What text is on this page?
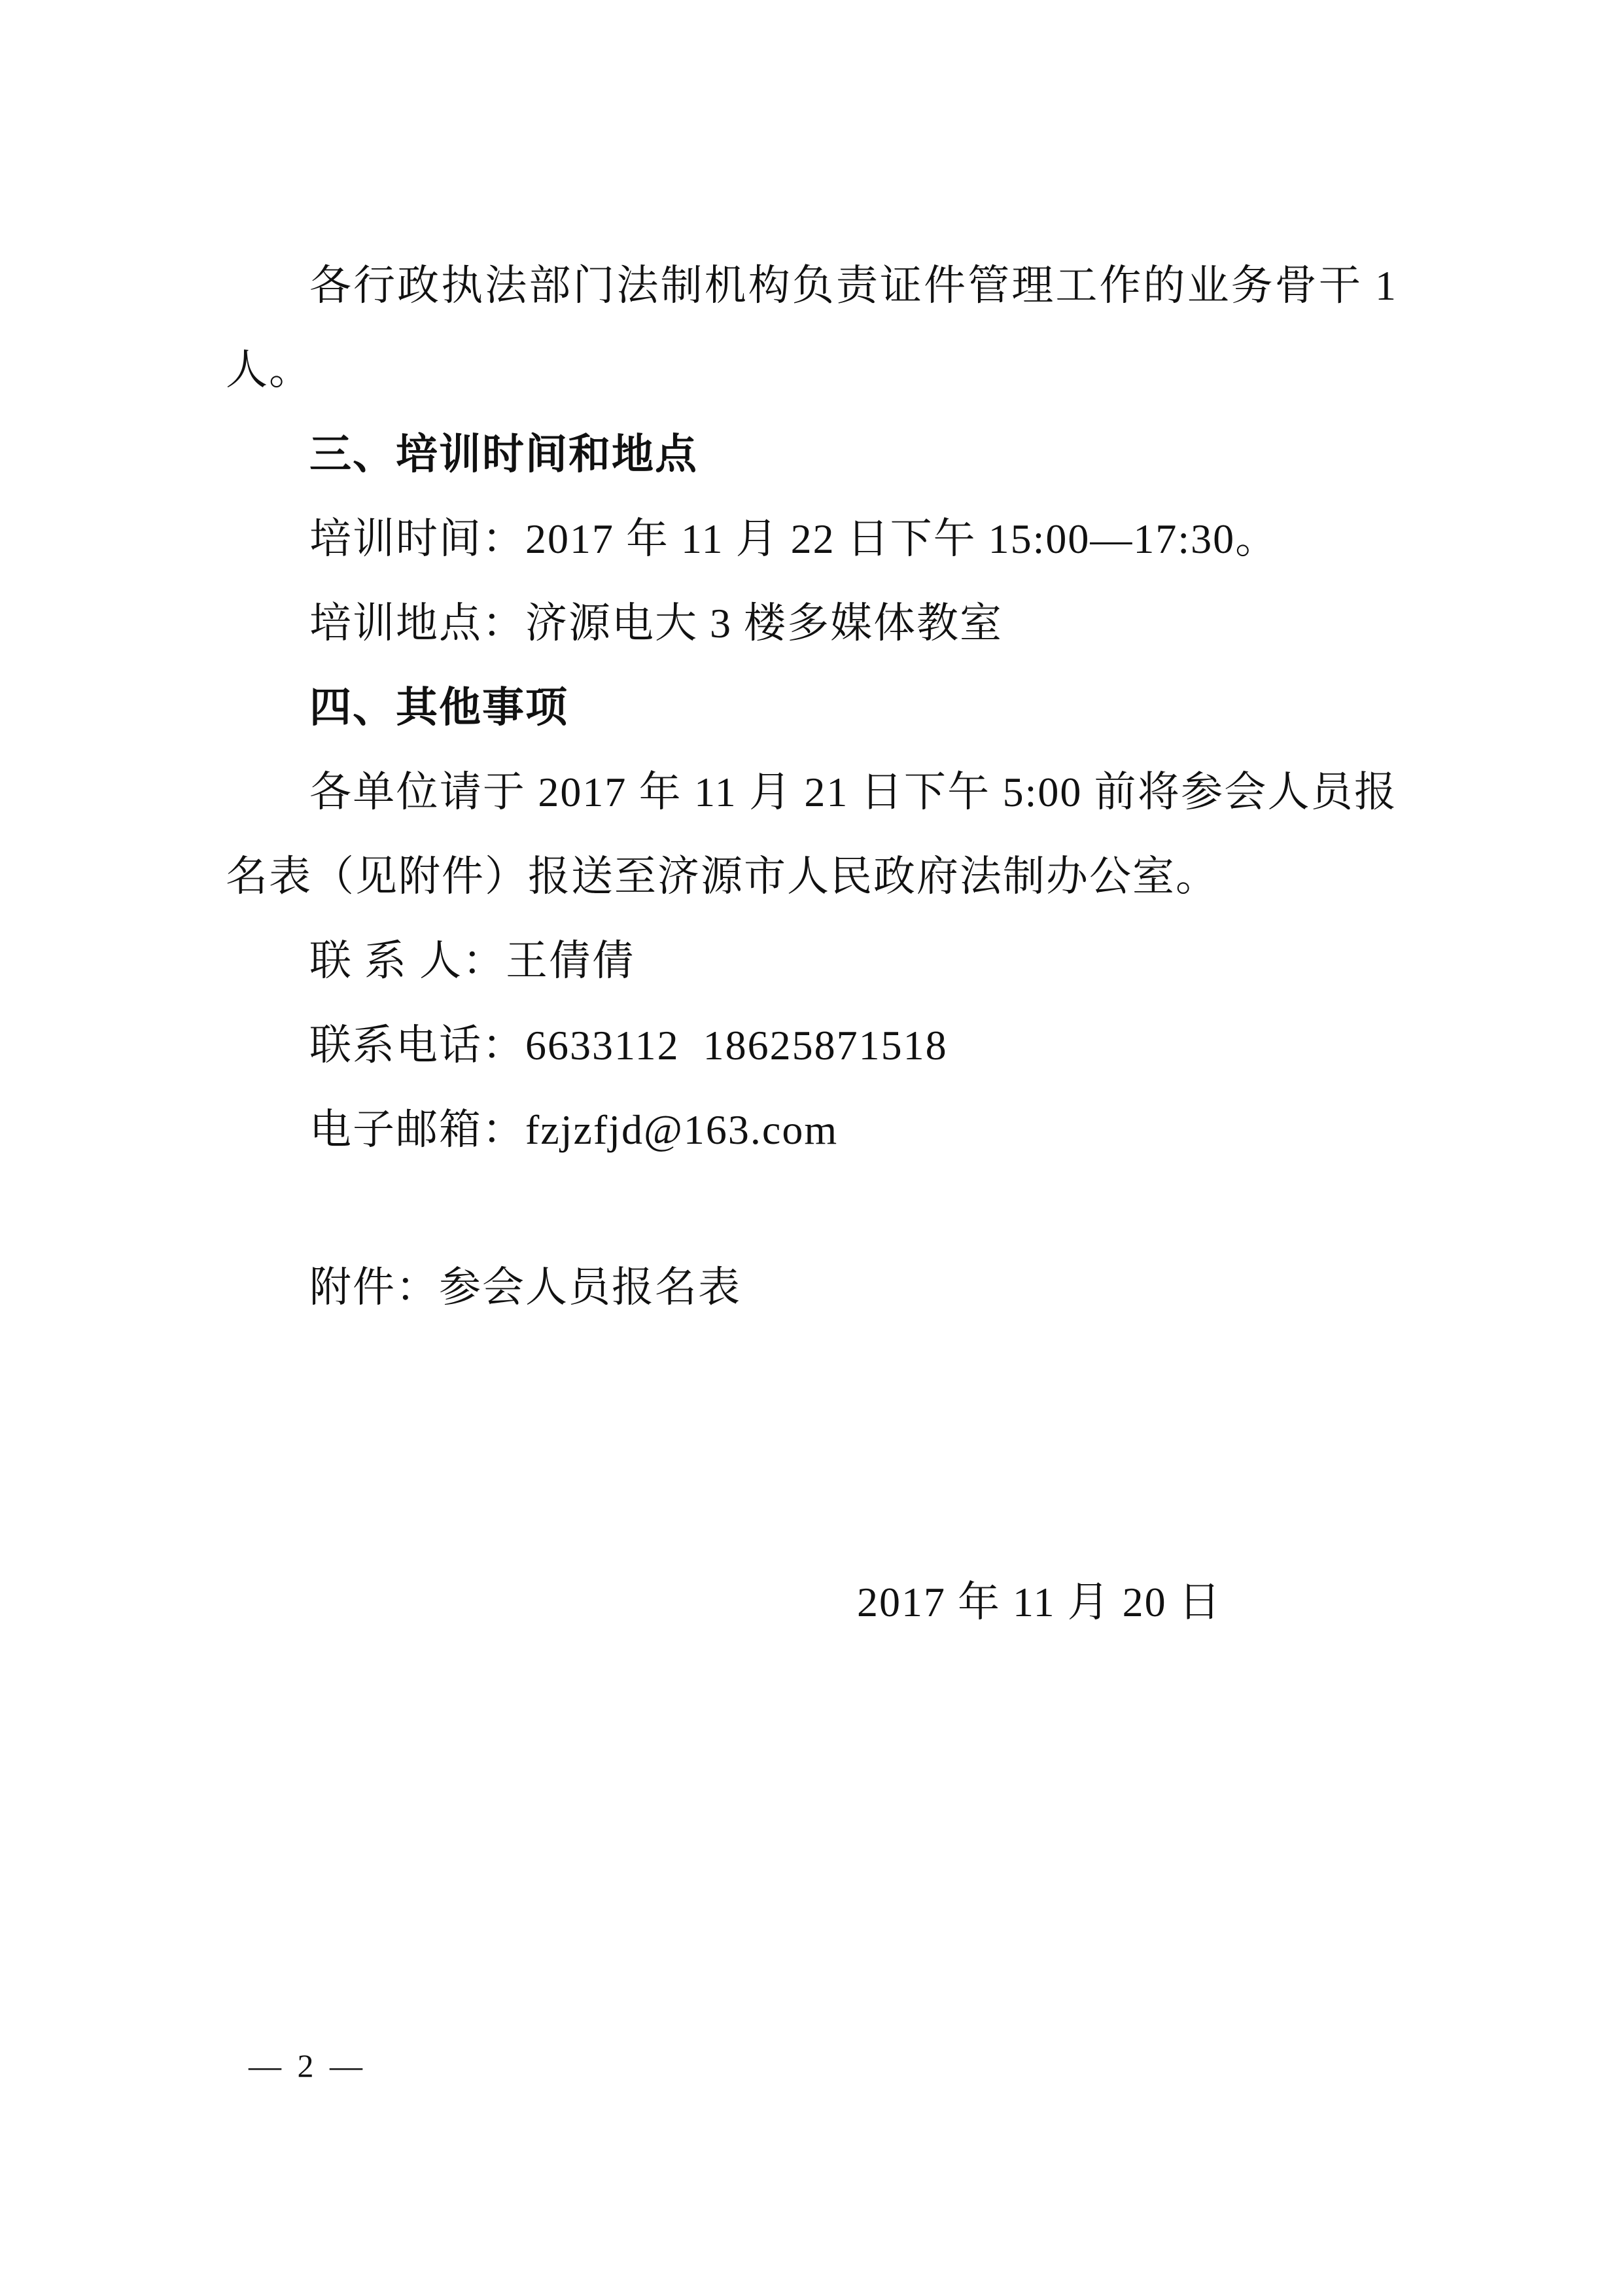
各行政执法部门法制机构负责证件管理工作的业务骨干 1 人。

三、培训时间和地点

培训时间：2017 年 11 月 22 日下午 15:00—17:30。

培训地点：济源电大 3 楼多媒体教室

四、其他事项

各单位请于 2017 年 11 月 21 日下午 5:00 前将参会人员报名表（见附件）报送至济源市人民政府法制办公室。

联 系 人：王倩倩

联系电话：6633112  18625871518

电子邮箱：fzjzfjd@163.com

附件：参会人员报名表

2017 年 11 月 20 日

— 2 —
